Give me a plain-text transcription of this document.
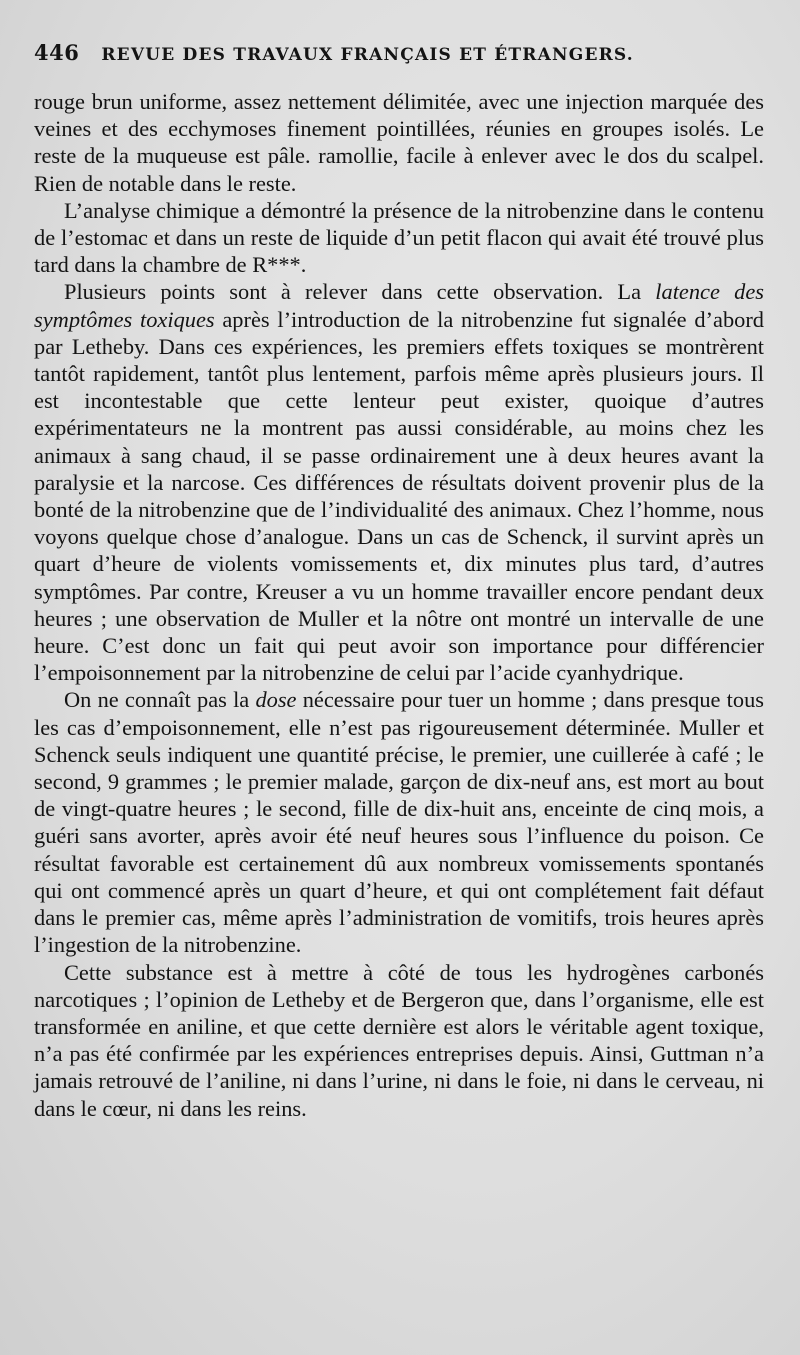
446 REVUE DES TRAVAUX FRANÇAIS ET ÉTRANGERS.

rouge brun uniforme, assez nettement délimitée, avec une injection marquée des veines et des ecchymoses finement pointillées, réunies en groupes isolés. Le reste de la muqueuse est pâle. ramollie, facile à enlever avec le dos du scalpel. Rien de notable dans le reste.

L’analyse chimique a démontré la présence de la nitrobenzine dans le contenu de l’estomac et dans un reste de liquide d’un petit flacon qui avait été trouvé plus tard dans la chambre de R***.

Plusieurs points sont à relever dans cette observation. La latence des symptômes toxiques après l’introduction de la nitrobenzine fut signalée d’abord par Letheby. Dans ces expériences, les premiers effets toxiques se montrèrent tantôt rapidement, tantôt plus lentement, parfois même après plusieurs jours. Il est incontestable que cette lenteur peut exister, quoique d’autres expérimentateurs ne la montrent pas aussi considérable, au moins chez les animaux à sang chaud, il se passe ordinairement une à deux heures avant la paralysie et la narcose. Ces différences de résultats doivent provenir plus de la bonté de la nitrobenzine que de l’individualité des animaux. Chez l’homme, nous voyons quelque chose d’analogue. Dans un cas de Schenck, il survint après un quart d’heure de violents vomissements et, dix minutes plus tard, d’autres symptômes. Par contre, Kreuser a vu un homme travailler encore pendant deux heures ; une observation de Muller et la nôtre ont montré un intervalle de une heure. C’est donc un fait qui peut avoir son importance pour différencier l’empoisonnement par la nitrobenzine de celui par l’acide cyanhydrique.

On ne connaît pas la dose nécessaire pour tuer un homme ; dans presque tous les cas d’empoisonnement, elle n’est pas rigoureusement déterminée. Muller et Schenck seuls indiquent une quantité précise, le premier, une cuillerée à café ; le second, 9 grammes ; le premier malade, garçon de dix-neuf ans, est mort au bout de vingt-quatre heures ; le second, fille de dix-huit ans, enceinte de cinq mois, a guéri sans avorter, après avoir été neuf heures sous l’influence du poison. Ce résultat favorable est certainement dû aux nombreux vomissements spontanés qui ont commencé après un quart d’heure, et qui ont complétement fait défaut dans le premier cas, même après l’administration de vomitifs, trois heures après l’ingestion de la nitrobenzine.

Cette substance est à mettre à côté de tous les hydrogènes carbonés narcotiques ; l’opinion de Letheby et de Bergeron que, dans l’organisme, elle est transformée en aniline, et que cette dernière est alors le véritable agent toxique, n’a pas été confirmée par les expériences entreprises depuis. Ainsi, Guttman n’a jamais retrouvé de l’aniline, ni dans l’urine, ni dans le foie, ni dans le cerveau, ni dans le cœur, ni dans les reins.
